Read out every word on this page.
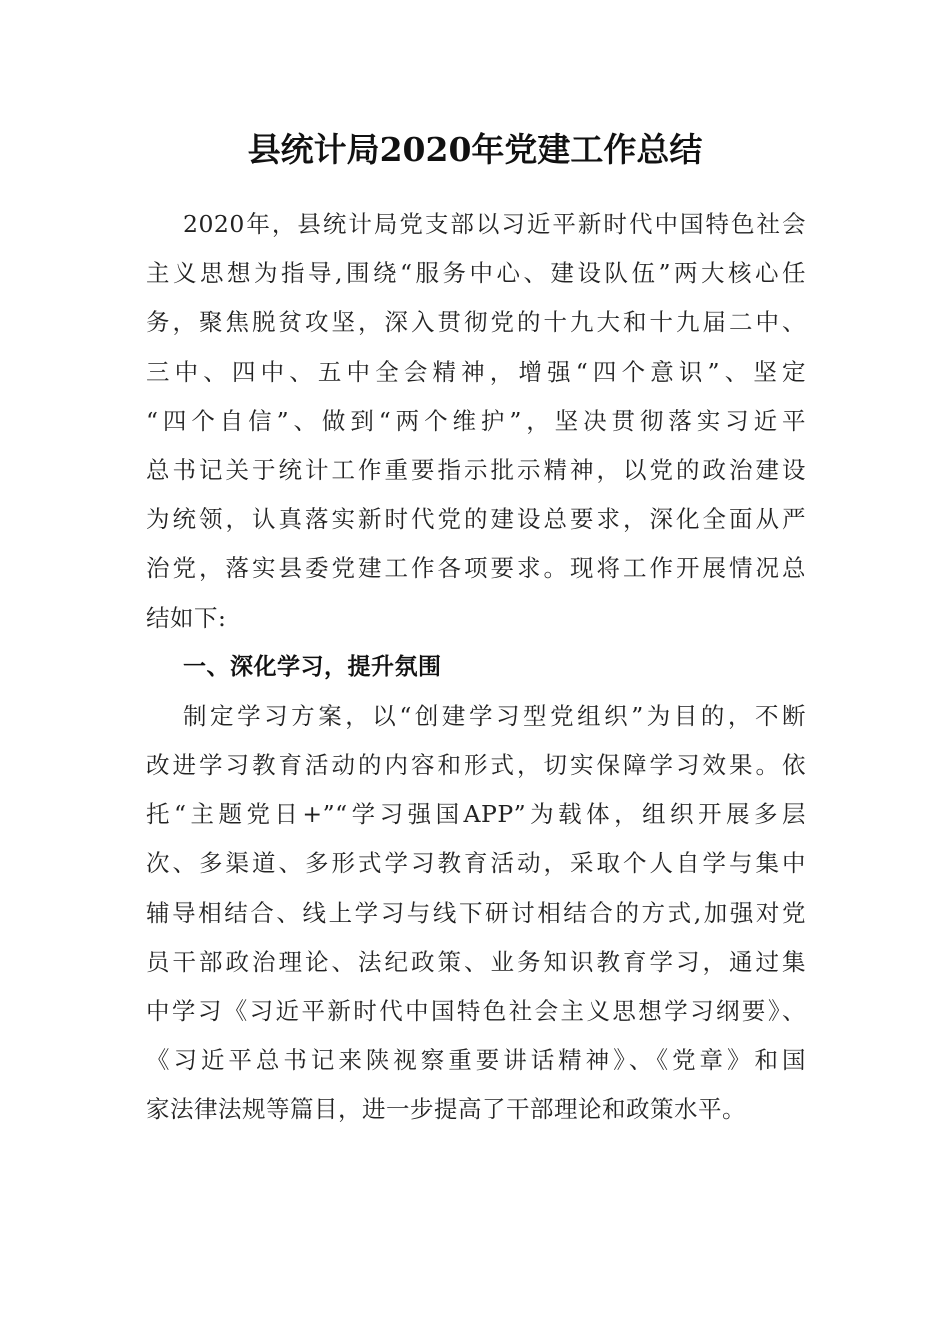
县统计局2020年党建工作总结
2020年，县统计局党支部以习近平新时代中国特色社会
主义思想为指导,围绕“服务中心、建设队伍”两大核心任
务，聚焦脱贫攻坚，深入贯彻党的十九大和十九届二中、
三中、四中、五中全会精神，增强“四个意识”、坚定
“四个自信”、做到“两个维护”，坚决贯彻落实习近平
总书记关于统计工作重要指示批示精神，以党的政治建设
为统领，认真落实新时代党的建设总要求，深化全面从严
治党，落实县委党建工作各项要求。现将工作开展情况总
结如下:
一、深化学习，提升氛围
制定学习方案，以“创建学习型党组织”为目的，不断
改进学习教育活动的内容和形式，切实保障学习效果。依
托“主题党日+”“学习强国APP”为载体，组织开展多层
次、多渠道、多形式学习教育活动，采取个人自学与集中
辅导相结合、线上学习与线下研讨相结合的方式,加强对党
员干部政治理论、法纪政策、业务知识教育学习，通过集
中学习《习近平新时代中国特色社会主义思想学习纲要》、
《习近平总书记来陕视察重要讲话精神》、《党章》和国
家法律法规等篇目，进一步提高了干部理论和政策水平。
